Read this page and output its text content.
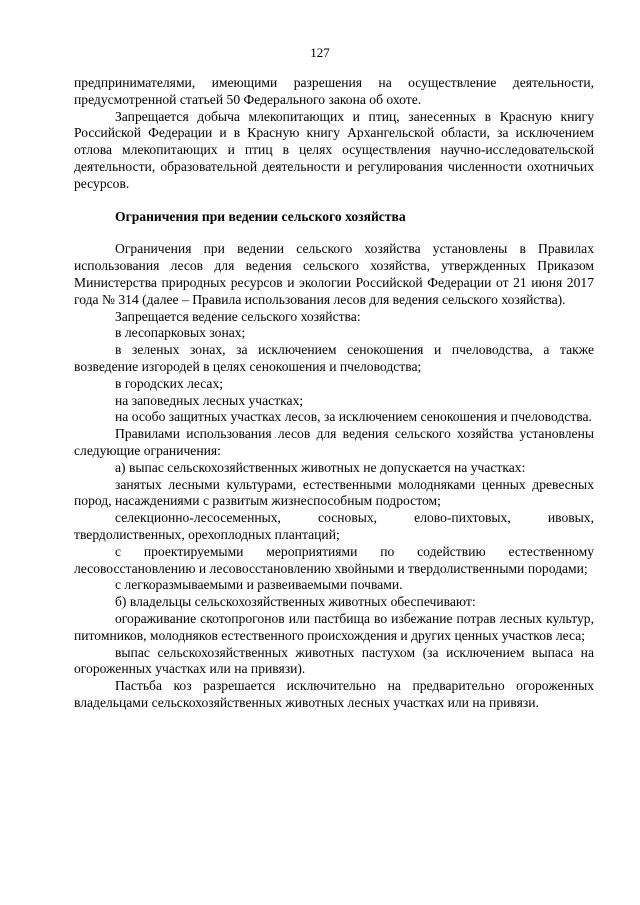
127

предпринимателями, имеющими разрешения на осуществление деятельности, предусмотренной статьей 50 Федерального закона об охоте.

Запрещается добыча млекопитающих и птиц, занесенных в Красную книгу Российской Федерации и в Красную книгу Архангельской области, за исключением отлова млекопитающих и птиц в целях осуществления научно-исследовательской деятельности, образовательной деятельности и регулирования численности охотничьих ресурсов.

Ограничения при ведении сельского хозяйства

Ограничения при ведении сельского хозяйства установлены в Правилах использования лесов для ведения сельского хозяйства, утвержденных Приказом Министерства природных ресурсов и экологии Российской Федерации от 21 июня 2017 года № 314 (далее – Правила использования лесов для ведения сельского хозяйства).

Запрещается ведение сельского хозяйства:

в лесопарковых зонах;

в зеленых зонах, за исключением сенокошения и пчеловодства, а также возведение изгородей в целях сенокошения и пчеловодства;

в городских лесах;

на заповедных лесных участках;

на особо защитных участках лесов, за исключением сенокошения и пчеловодства.

Правилами использования лесов для ведения сельского хозяйства установлены следующие ограничения:

а) выпас сельскохозяйственных животных не допускается на участках:

занятых лесными культурами, естественными молодняками ценных древесных пород, насаждениями с развитым жизнеспособным подростом;

селекционно-лесосеменных, сосновых, елово-пихтовых, ивовых, твердолиственных, орехоплодных плантаций;

с проектируемыми мероприятиями по содействию естественному лесовосстановлению и лесовосстановлению хвойными и твердолиственными породами;

с легкоразмываемыми и развеиваемыми почвами.

б) владельцы сельскохозяйственных животных обеспечивают:

огораживание скотопрогонов или пастбища во избежание потрав лесных культур, питомников, молодняков естественного происхождения и других ценных участков леса;

выпас сельскохозяйственных животных пастухом (за исключением выпаса на огороженных участках или на привязи).

Пастьба коз разрешается исключительно на предварительно огороженных владельцами сельскохозяйственных животных лесных участках или на привязи.
